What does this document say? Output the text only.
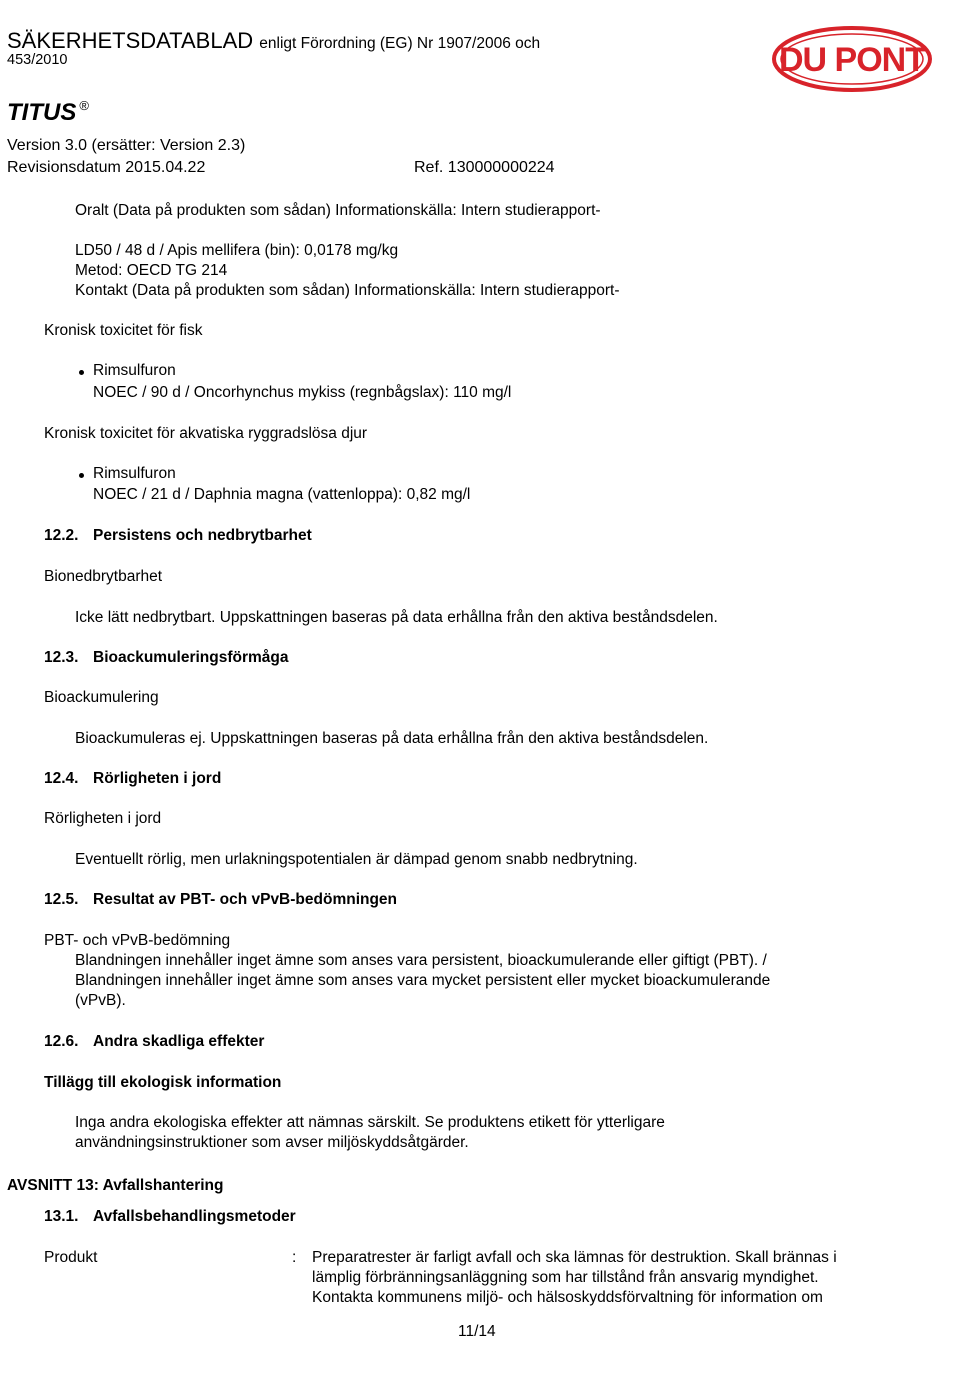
SÄKERHETSDATABLAD enligt Förordning (EG) Nr 1907/2006 och
453/2010
TITUS ®
Version 3.0 (ersätter: Version 2.3)
Revisionsdatum 2015.04.22	Ref. 130000000224
DU PONT
Oralt (Data på produkten som sådan) Informationskälla: Intern studierapport-
LD50 / 48 d / Apis mellifera (bin): 0,0178 mg/kg
Metod: OECD TG 214
Kontakt (Data på produkten som sådan) Informationskälla: Intern studierapport-
Kronisk toxicitet för fisk
Rimsulfuron
NOEC / 90 d / Oncorhynchus mykiss (regnbågslax): 110 mg/l
Kronisk toxicitet för akvatiska ryggradslösa djur
Rimsulfuron
NOEC / 21 d / Daphnia magna (vattenloppa): 0,82 mg/l
12.2. Persistens och nedbrytbarhet
Bionedbrytbarhet
Icke lätt nedbrytbart. Uppskattningen baseras på data erhållna från den aktiva beståndsdelen.
12.3. Bioackumuleringsförmåga
Bioackumulering
Bioackumuleras ej. Uppskattningen baseras på data erhållna från den aktiva beståndsdelen.
12.4. Rörligheten i jord
Rörligheten i jord
Eventuellt rörlig, men urlakningspotentialen är dämpad genom snabb nedbrytning.
12.5. Resultat av PBT- och vPvB-bedömningen
PBT- och vPvB-bedömning
Blandningen innehåller inget ämne som anses vara persistent, bioackumulerande eller giftigt (PBT). /
Blandningen innehåller inget ämne som anses vara mycket persistent eller mycket bioackumulerande
(vPvB).
12.6. Andra skadliga effekter
Tillägg till ekologisk information
Inga andra ekologiska effekter att nämnas särskilt. Se produktens etikett för ytterligare
användningsinstruktioner som avser miljöskyddsåtgärder.
AVSNITT 13: Avfallshantering
13.1. Avfallsbehandlingsmetoder
Produkt	: Preparatrester är farligt avfall och ska lämnas för destruktion. Skall brännas i
lämplig förbränningsanläggning som har tillstånd från ansvarig myndighet.
Kontakta kommunens miljö- och hälsoskyddsförvaltning för information om
11/14
